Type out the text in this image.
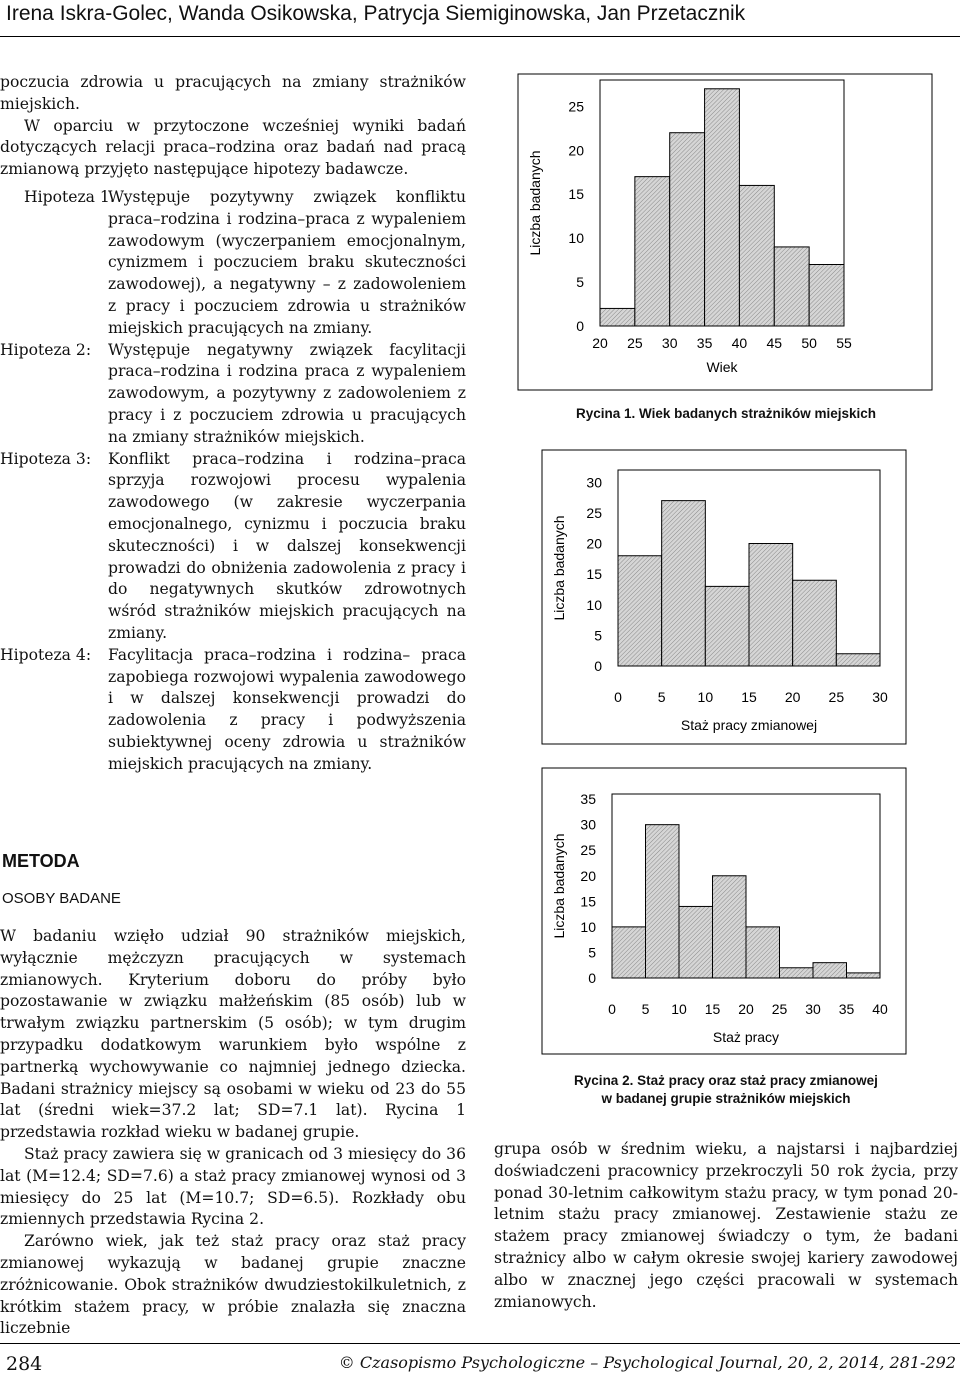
Irena Iskra-Golec, Wanda Osikowska, Patrycja Siemiginowska, Jan Przetacznik

poczucia zdrowia u pracujących na zmiany strażników miejskich.

W oparciu w przytoczone wcześniej wyniki badań dotyczących relacji praca–rodzina oraz badań nad pracą zmianową przyjęto następujące hipotezy badawcze.

Hipoteza 1.
Występuje pozytywny związek konfliktu praca–rodzina i rodzina–praca z wypaleniem zawodowym (wyczerpaniem emocjonalnym, cynizmem i poczuciem braku skuteczności zawodowej), a negatywny – z zadowoleniem z pracy i poczuciem zdrowia u strażników miejskich pracujących na zmiany.
Hipoteza 2: Występuje negatywny związek facylitacji praca–rodzina i rodzina praca z wypaleniem zawodowym, a pozytywny z zadowoleniem z pracy i z poczuciem zdrowia u pracujących na zmiany strażników miejskich.
Hipoteza 3: Konflikt praca–rodzina i rodzina–praca sprzyja rozwojowi procesu wypalenia zawodowego (w zakresie wyczerpania emocjonalnego, cynizmu i poczucia braku skuteczności) i w dalszej konsekwencji prowadzi do obniżenia zadowolenia z pracy i do negatywnych skutków zdrowotnych wśród strażników miejskich pracujących na zmiany.
Hipoteza 4: Facylitacja praca–rodzina i rodzina– praca zapobiega rozwojowi wypalenia zawodowego i w dalszej konsekwencji prowadzi do zadowolenia z pracy i podwyższenia subiektywnej oceny zdrowia u strażników miejskich pracujących na zmiany.
METODA
OSOBY BADANE

W badaniu wzięło udział 90 strażników miejskich, wyłącznie mężczyzn pracujących w systemach zmianowych. Kryterium doboru do próby było pozostawanie w związku małżeńskim (85 osób) lub w trwałym związku partnerskim (5 osób); w tym drugim przypadku dodatkowym warunkiem było wspólne z partnerką wychowywanie co najmniej jednego dziecka. Badani strażnicy miejscy są osobami w wieku od 23 do 55 lat (średni wiek=37.2 lat; SD=7.1 lat). Rycina 1 przedstawia rozkład wieku w badanej grupie.

Staż pracy zawiera się w granicach od 3 miesięcy do 36 lat (M=12.4; SD=7.6) a staż pracy zmianowej wynosi od 3 miesięcy do 25 lat (M=10.7; SD=6.5). Rozkłady obu zmiennych przedstawia Rycina 2.

Zarówno wiek, jak też staż pracy oraz staż pracy zmianowej wykazują w badanej grupie znaczne zróżnicowanie. Obok strażników dwudziestokilkuletnich, z krótkim stażem pracy, w próbie znalazła się znaczna liczebnie

20 25 30 35 40 45 50 55
0
5
10
15
20
25
Wiek
Liczba badanych
Rycina 1. Wiek badanych strażników miejskich
0	5 10 15 20 25 30
0
5
10
15
20
25
30
Staż pracy zmianowej
Liczba badanych
0 5 10 15 20 25 30 35 40
0
5
10
15
20
25
30
35
Staż pracy
Liczba badanych
Rycina 2. Staż pracy oraz staż pracy zmianowej
w badanej grupie strażników miejskich

grupa osób w średnim wieku, a najstarsi i najbardziej doświadczeni pracownicy przekroczyli 50 rok życia, przy ponad 30-letnim całkowitym stażu pracy, w tym ponad 20-letnim stażu pracy zmianowej. Zestawienie stażu ze stażem pracy zmianowej świadczy o tym, że badani strażnicy albo w całym okresie swojej kariery zawodowej albo w znacznej jego części pracowali w systemach zmianowych.

284	© Czasopismo Psychologiczne – Psychological Journal, 20, 2, 2014, 281-292
